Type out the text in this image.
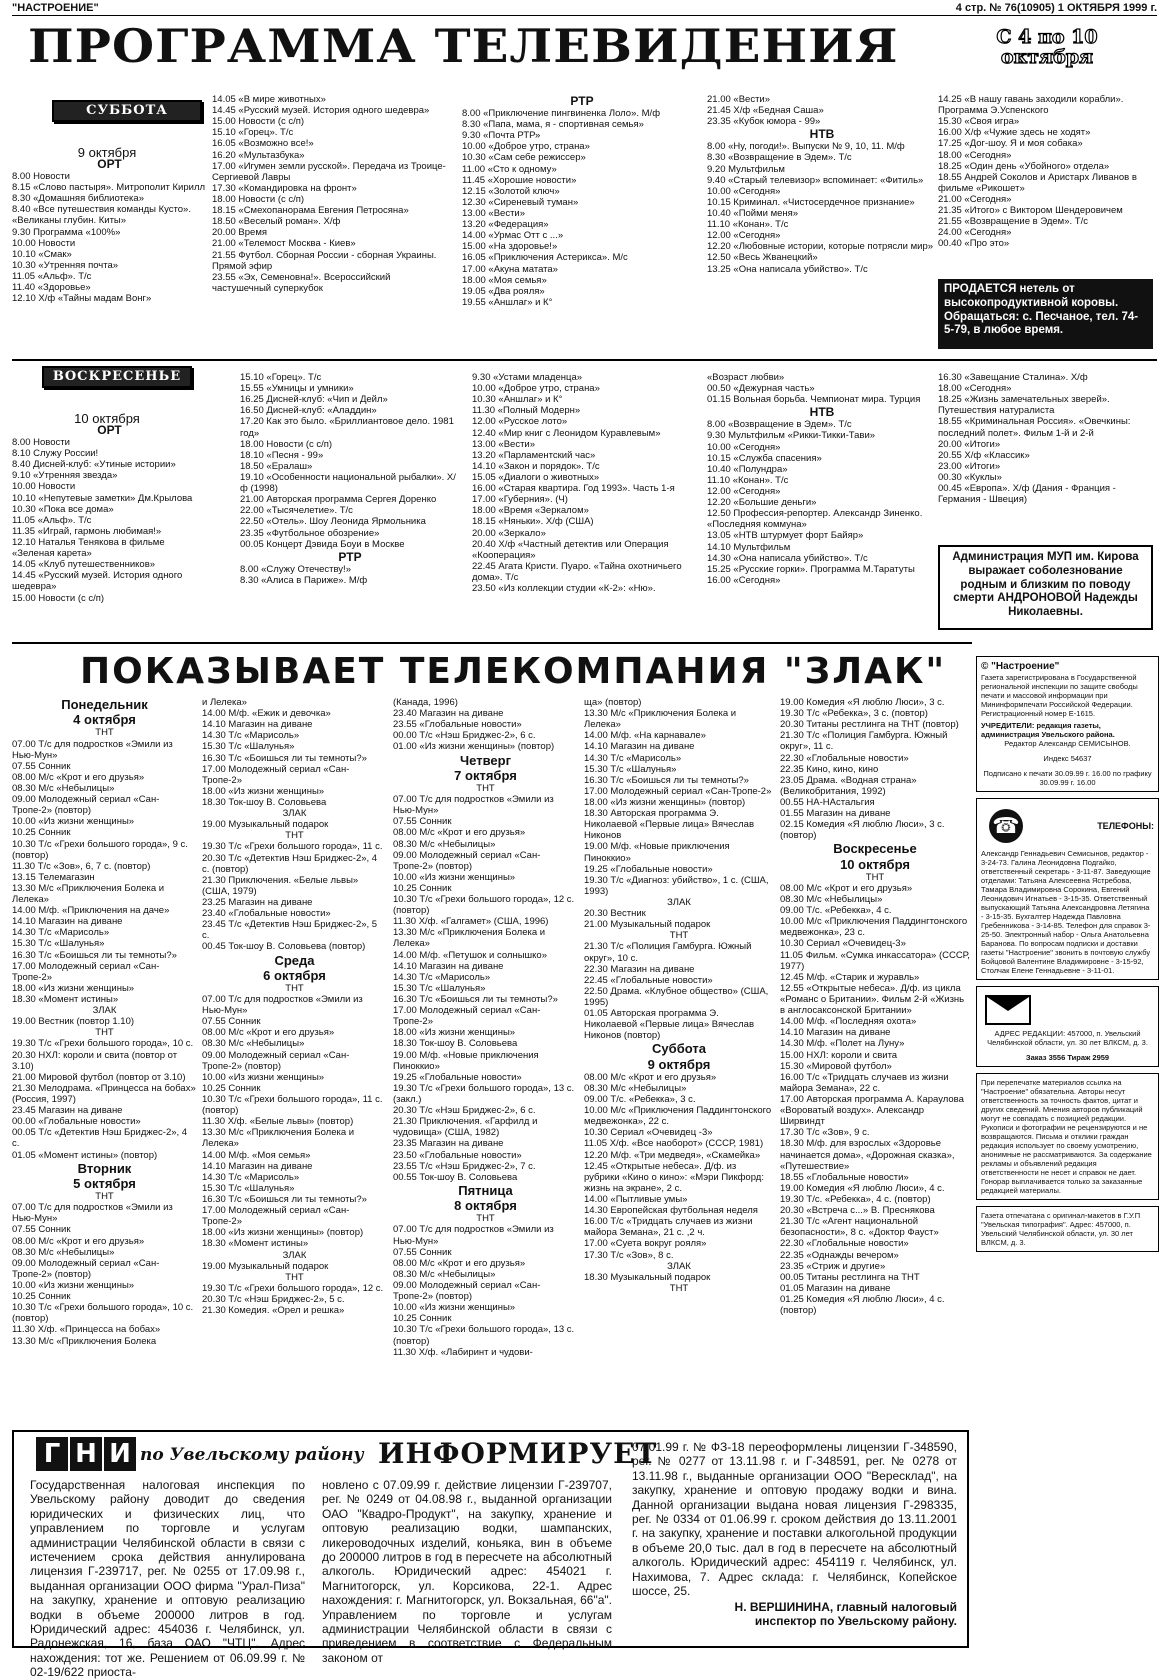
"НАСТРОЕНИЕ"	4 стр. № 76(10905) 1 ОКТЯБРЯ 1999 г.
ПРОГРАММА ТЕЛЕВИДЕНИЯ	С 4 по 10 октября
СУББОТА
9 октября

ОРТ

8.00 Новости

8.15 «Слово пастыря». Митрополит Кирилл

8.30 «Домашняя библиотека»

8.40 «Все путешествия команды Кусто». «Великаны глубин. Киты»

9.30 Программа «100%»

10.00 Новости

10.10 «Смак»

10.30 «Утренняя почта»

11.05 «Альф». Т/с

11.40 «Здоровье»

12.10 Х/ф «Тайны мадам Вонг»

14.05 «В мире животных»

14.45 «Русский музей. История одного шедевра»

15.00 Новости (с с/п)

15.10 «Горец». Т/с

16.05 «Возможно все!»

16.20 «Мультазбука»

17.00 «Игумен земли русской». Передача из Троице-Сергиевой Лавры

17.30 «Командировка на фронт»

18.00 Новости (с с/п)

18.15 «Смехопанорама Евгения Петросяна»

18.50 «Веселый роман». Х/ф

20.00 Время

21.00 «Телемост Москва - Киев»

21.55 Футбол. Сборная России - сборная Украины. Прямой эфир

23.55 «Эх, Семеновна!». Всероссийский частушечный суперкубок

РТР

8.00 «Приключение пингвиненка Лоло». М/ф

8.30 «Папа, мама, я - спортивная семья»

9.30 «Почта РТР»

10.00 «Доброе утро, страна»

10.30 «Сам себе режиссер»

11.00 «Сто к одному»

11.45 «Хорошие новости»

12.15 «Золотой ключ»

12.30 «Сиреневый туман»

13.00 «Вести»

13.20 «Федерация»

14.00 «Урмас Отт с ...»

15.00 «На здоровье!»

16.05 «Приключения Астерикса». М/с

17.00 «Акуна матата»

18.00 «Моя семья»

19.05 «Два рояля»

19.55 «Аншлаг» и К°

21.00 «Вести»

21.45 Х/ф «Бедная Саша»

23.35 «Кубок юмора - 99»

НТВ

8.00 «Ну, погоди!». Выпуски № 9, 10, 11. М/ф

8.30 «Возвращение в Эдем». Т/с

9.20 Мультфильм

9.40 «Старый телевизор» вспоминает: «Фитиль»

10.00 «Сегодня»

10.15 Криминал. «Чистосердечное признание»

10.40 «Пойми меня»

11.10 «Конан». Т/с

12.00 «Сегодня»

12.20 «Любовные истории, которые потрясли мир»

12.50 «Весь Жванецкий»

13.25 «Она написала убийство». Т/с

14.25 «В нашу гавань заходили корабли». Программа Э.Успенского

15.30 «Своя игра»

16.00 Х/ф «Чужие здесь не ходят»

17.25 «Дог-шоу. Я и моя собака»

18.00 «Сегодня»

18.25 «Один день «Убойного» отдела»

18.55 Андрей Соколов и Аристарх Ливанов в фильме «Рикошет»

21.00 «Сегодня»

21.35 «Итого» с Виктором Шендеровичем

21.55 «Возвращение в Эдем». Т/с

24.00 «Сегодня»

00.40 «Про это»

ПРОДАЕТСЯ нетель от высокопродуктивной коровы. Обращаться: с. Песчаное, тел. 74-5-79, в любое время.
ВОСКРЕСЕНЬЕ
10 октября

ОРТ

8.00 Новости

8.10 Служу России!

8.40 Дисней-клуб: «Утиные истории»

9.10 «Утренняя звезда»

10.00 Новости

10.10 «Непутевые заметки» Дм.Крылова

10.30 «Пока все дома»

11.05 «Альф». Т/с

11.35 «Играй, гармонь любимая!»

12.10 Наталья Тенякова в фильме «Зеленая карета»

14.05 «Клуб путешественников»

14.45 «Русский музей. История одного шедевра»

15.00 Новости (с с/п)

15.10 «Горец». Т/с

15.55 «Умницы и умники»

16.25 Дисней-клуб: «Чип и Дейл»

16.50 Дисней-клуб: «Аладдин»

17.20 Как это было. «Бриллиантовое дело. 1981 год»

18.00 Новости (с с/п)

18.10 «Песня - 99»

18.50 «Ералаш»

19.10 «Особенности национальной рыбалки». Х/ф (1998)

21.00 Авторская программа Сергея Доренко

22.00 «Тысячелетие». Т/с

22.50 «Отель». Шоу Леонида Ярмольника

23.35 «Футбольное обозрение»

00.05 Концерт Дэвида Боуи в Москве

РТР

8.00 «Служу Отечеству!»

8.30 «Алиса в Париже». М/ф

9.30 «Устами младенца»

10.00 «Доброе утро, страна»

10.30 «Аншлаг» и К°

11.30 «Полный Модерн»

12.00 «Русское лото»

12.40 «Мир книг с Леонидом Куравлевым»

13.00 «Вести»

13.20 «Парламентский час»

14.10 «Закон и порядок». Т/с

15.05 «Диалоги о животных»

16.00 «Старая квартира. Год 1993». Часть 1-я

17.00 «Губерния». (Ч)

18.00 «Время «Зеркалом»

18.15 «Няньки». Х/ф (США)

20.00 «Зеркало»

20.40 Х/ф «Частный детектив или Операция «Кооперация»

22.45 Агата Кристи. Пуаро. «Тайна охотничьего дома». Т/с

23.50 «Из коллекции студии «К-2»: «Ню».

«Возраст любви»

00.50 «Дежурная часть»

01.15 Вольная борьба. Чемпионат мира. Турция

НТВ

8.00 «Возвращение в Эдем». Т/с

9.30 Мультфильм «Рикки-Тикки-Тави»

10.00 «Сегодня»

10.15 «Служба спасения»

10.40 «Полундра»

11.10 «Конан». Т/с

12.00 «Сегодня»

12.20 «Большие деньги»

12.50 Профессия-репортер. Александр Зиненко. «Последняя коммуна»

13.05 «НТВ штурмует форт Байяр»

14.10 Мультфильм

14.30 «Она написала убийство». Т/с

15.25 «Русские горки». Программа М.Таратуты

16.00 «Сегодня»

16.30 «Завещание Сталина». Х/ф

18.00 «Сегодня»

18.25 «Жизнь замечательных зверей». Путешествия натуралиста

18.55 «Криминальная Россия». «Овечкины: последний полет». Фильм 1-й и 2-й

20.00 «Итоги»

20.55 Х/ф «Классик»

23.00 «Итоги»

00.30 «Куклы»

00.45 «Европа». Х/ф (Дания - Франция - Германия - Швеция)

Администрация МУП им. Кирова выражает соболезнование родным и близким по поводу смерти АНДРОНОВОЙ Надежды Николаевны.
ПОКАЗЫВАЕТ ТЕЛЕКОМПАНИЯ "ЗЛАК"

Понедельник

4 октября

ТНТ

07.00 Т/с для подростков «Эмили из Нью-Мун»

07.55 Сонник

08.00 М/с «Крот и его друзья»

08.30 М/с «Небылицы»

09.00 Молодежный сериал «Сан-Тропе-2» (повтор)

10.00 «Из жизни женщины»

10.25 Сонник

10.30 Т/с «Грехи большого города», 9 с. (повтор)

11.30 Т/с «Зов», 6, 7 с. (повтор)

13.15 Телемагазин

13.30 М/с «Приключения Болека и Лелека»

14.00 М/ф. «Приключения на даче»

14.10 Магазин на диване

14.30 Т/с «Марисоль»

15.30 Т/с «Шалунья»

16.30 Т/с «Боишься ли ты темноты?»

17.00 Молодежный сериал «Сан-Тропе-2»

18.00 «Из жизни женщины»

18.30 «Момент истины»

ЗЛАК

19.00 Вестник (повтор 1.10)

ТНТ

19.30 Т/с «Грехи большого города», 10 с.

20.30 НХЛ: короли и свита (повтор от 3.10)

21.00 Мировой футбол (повтор от 3.10)

21.30 Мелодрама. «Принцесса на бобах» (Россия, 1997)

23.45 Магазин на диване

00.00 «Глобальные новости»

00.05 Т/с «Детектив Нэш Бриджес-2», 4 с.

01.05 «Момент истины» (повтор)

Вторник

5 октября

ТНТ

07.00 Т/с для подростков «Эмили из Нью-Мун»

07.55 Сонник

08.00 М/с «Крот и его друзья»

08.30 М/с «Небылицы»

09.00 Молодежный сериал «Сан-Тропе-2» (повтор)

10.00 «Из жизни женщины»

10.25 Сонник

10.30 Т/с «Грехи большого города», 10 с. (повтор)

11.30 Х/ф. «Принцесса на бобах»

13.30 М/с «Приключения Болека

и Лелека»

14.00 М/ф. «Ежик и девочка»

14.10 Магазин на диване

14.30 Т/с «Марисоль»

15.30 Т/с «Шалунья»

16.30 Т/с «Боишься ли ты темноты?»

17.00 Молодежный сериал «Сан-Тропе-2»

18.00 «Из жизни женщины»

18.30 Ток-шоу В. Соловьева

ЗЛАК

19.00 Музыкальный подарок

ТНТ

19.30 Т/с «Грехи большого города», 11 с.

20.30 Т/с «Детектив Нэш Бриджес-2», 4 с. (повтор)

21.30 Приключения. «Белые львы» (США, 1979)

23.25 Магазин на диване

23.40 «Глобальные новости»

23.45 Т/с «Детектив Нэш Бриджес-2», 5 с.

00.45 Ток-шоу В. Соловьева (повтор)

Среда

6 октября

ТНТ

07.00 Т/с для подростков «Эмили из Нью-Мун»

07.55 Сонник

08.00 М/с «Крот и его друзья»

08.30 М/с «Небылицы»

09.00 Молодежный сериал «Сан-Тропе-2» (повтор)

10.00 «Из жизни женщины»

10.25 Сонник

10.30 Т/с «Грехи большого города», 11 с. (повтор)

11.30 Х/ф. «Белые львы» (повтор)

13.30 М/с «Приключения Болека и Лелека»

14.00 М/ф. «Моя семья»

14.10 Магазин на диване

14.30 Т/с «Марисоль»

15.30 Т/с «Шалунья»

16.30 Т/с «Боишься ли ты темноты?»

17.00 Молодежный сериал «Сан-Тропе-2»

18.00 «Из жизни женщины» (повтор)

18.30 «Момент истины»

ЗЛАК

19.00 Музыкальный подарок

ТНТ

19.30 Т/с «Грехи большого города», 12 с.

20.30 Т/с «Нэш Бриджес-2», 5 с.

21.30 Комедия. «Орел и решка»

(Канада, 1996)

23.40 Магазин на диване

23.55 «Глобальные новости»

00.00 Т/с «Нэш Бриджес-2», 6 с.

01.00 «Из жизни женщины» (повтор)

Четверг

7 октября

ТНТ

07.00 Т/с для подростков «Эмили из Нью-Мун»

07.55 Сонник

08.00 М/с «Крот и его друзья»

08.30 М/с «Небылицы»

09.00 Молодежный сериал «Сан-Тропе-2» (повтор)

10.00 «Из жизни женщины»

10.25 Сонник

10.30 Т/с «Грехи большого города», 12 с. (повтор)

11.30 Х/ф. «Галгамет» (США, 1996)

13.30 М/с «Приключения Болека и Лелека»

14.00 М/ф. «Петушок и солнышко»

14.10 Магазин на диване

14.30 Т/с «Марисоль»

15.30 Т/с «Шалунья»

16.30 Т/с «Боишься ли ты темноты?»

17.00 Молодежный сериал «Сан-Тропе-2»

18.00 «Из жизни женщины»

18.30 Ток-шоу В. Соловьева

19.00 М/ф. «Новые приключения Пиноккио»

19.25 «Глобальные новости»

19.30 Т/с «Грехи большого города», 13 с. (закл.)

20.30 Т/с «Нэш Бриджес-2», 6 с.

21.30 Приключения. «Гарфилд и чудовища» (США, 1982)

23.35 Магазин на диване

23.50 «Глобальные новости»

23.55 Т/с «Нэш Бриджес-2», 7 с.

00.55 Ток-шоу В. Соловьева

Пятница

8 октября

ТНТ

07.00 Т/с для подростков «Эмили из Нью-Мун»

07.55 Сонник

08.00 М/с «Крот и его друзья»

08.30 М/с «Небылицы»

09.00 Молодежный сериал «Сан-Тропе-2» (повтор)

10.00 «Из жизни женщины»

10.25 Сонник

10.30 Т/с «Грехи большого города», 13 с. (повтор)

11.30 Х/ф. «Лабиринт и чудови-

ща» (повтор)

13.30 М/с «Приключения Болека и Лелека»

14.00 М/ф. «На карнавале»

14.10 Магазин на диване

14.30 Т/с «Марисоль»

15.30 Т/с «Шалунья»

16.30 Т/с «Боишься ли ты темноты?»

17.00 Молодежный сериал «Сан-Тропе-2»

18.00 «Из жизни женщины» (повтор)

18.30 Авторская программа Э. Николаевой «Первые лица» Вячеслав Никонов

19.00 М/ф. «Новые приключения Пиноккио»

19.25 «Глобальные новости»

19.30 Т/с «Диагноз: убийство», 1 с. (США, 1993)

ЗЛАК

20.30 Вестник

21.00 Музыкальный подарок

ТНТ

21.30 Т/с «Полиция Гамбурга. Южный округ», 10 с.

22.30 Магазин на диване

22.45 «Глобальные новости»

22.50 Драма. «Клубное общество» (США, 1995)

01.05 Авторская программа Э. Николаевой «Первые лица» Вячеслав Никонов (повтор)

Суббота

9 октября

08.00 М/с «Крот и его друзья»

08.30 М/с «Небылицы»

09.00 Т/с. «Ребекка», 3 с.

10.00 М/с «Приключения Паддингтонского медвежонка», 22 с.

10.30 Сериал «Очевидец -3»

11.05 Х/ф. «Все наоборот» (СССР, 1981)

12.20 М/ф. «Три медведя», «Скамейка»

12.45 «Открытые небеса». Д/ф. из рубрики «Кино о кино»: «Мэри Пикфорд: жизнь на экране», 2 с.

14.00 «Пытливые умы»

14.30 Европейская футбольная неделя

16.00 Т/с «Тридцать случаев из жизни майора Земана», 21 с. ,2 ч.

17.00 «Суета вокруг рояля»

17.30 Т/с «Зов», 8 с.

ЗЛАК

18.30 Музыкальный подарок

ТНТ

19.00 Комедия «Я люблю Люси», 3 с.

19.30 Т/с «Ребекка», 3 с. (повтор)

20.30 Титаны рестлинга на ТНТ (повтор)

21.30 Т/с «Полиция Гамбурга. Южный округ», 11 с.

22.30 «Глобальные новости»

22.35 Кино, кино, кино

23.05 Драма. «Водная страна» (Великобритания, 1992)

00.55 НА-НАстальгия

01.55 Магазин на диване

02.15 Комедия «Я люблю Люси», 3 с. (повтор)

Воскресенье

10 октября

ТНТ

08.00 М/с «Крот и его друзья»

08.30 М/с «Небылицы»

09.00 Т/с. «Ребекка», 4 с.

10.00 М/с «Приключения Паддингтонского медвежонка», 23 с.

10.30 Сериал «Очевидец-3»

11.05 Фильм. «Сумка инкассатора» (СССР, 1977)

12.45 М/ф. «Старик и журавль»

12.55 «Открытые небеса». Д/ф. из цикла «Романс о Британии». Фильм 2-й «Жизнь в англосаксонской Британии»

14.00 М/ф. «Последняя охота»

14.10 Магазин на диване

14.30 М/ф. «Полет на Луну»

15.00 НХЛ: короли и свита

15.30 «Мировой футбол»

16.00 Т/с «Тридцать случаев из жизни майора Земана», 22 с.

17.00 Авторская программа А. Караулова «Вороватый воздух». Александр Ширвиндт

17.30 Т/с «Зов», 9 с.

18.30 М/ф. для взрослых «Здоровье начинается дома», «Дорожная сказка», «Путешествие»

18.55 «Глобальные новости»

19.00 Комедия «Я люблю Люси», 4 с.

19.30 Т/с. «Ребекка», 4 с. (повтор)

20.30 «Встреча с...» В. Преснякова

21.30 Т/с «Агент национальной безопасности», 8 с. «Доктор Фауст»

22.30 «Глобальные новости»

22.35 «Однажды вечером»

23.35 «Стриж и другие»

00.05 Титаны рестлинга на ТНТ

01.05 Магазин на диване

01.25 Комедия «Я люблю Люси», 4 с. (повтор)

© "Настроение"

Газета зарегистрирована в Государственной региональной инспекции по защите свободы печати и массовой информации при Мининформпечати Российской Федерации. Регистрационный номер Е-1615.

УЧРЕДИТЕЛИ: редакция газеты, администрация Увельского района.

Редактор Александр СЕМИСЫНОВ.

Индекс 54637

Подписано к печати 30.09.99 г. 16.00 по графику 30.09.99 г. 16.00

☎	ТЕЛЕФОНЫ:

Александр Геннадьевич Семисынов, редактор - 3-24-73. Галина Леонидовна Подгайко, ответственный секретарь - 3-11-87. Заведующие отделами: Татьяна Алексеевна Ястребова, Тамара Владимировна Сорокина, Евгений Леонидович Игнатьев - 3-15-35. Ответственный выпускающий Татьяна Александровна Летягина - 3-15-35. Бухгалтер Надежда Павловна Гребенникова - 3-14-85. Телефон для справок 3-25-50. Электронный набор - Ольга Анатольевна Баранова. По вопросам подписки и доставки газеты "Настроение" звонить в почтовую службу Бойцовой Валентине Владимировне - 3-15-92, Столчак Елене Геннадьевне - 3-11-01.

АДРЕС РЕДАКЦИИ: 457000, п. Увельский Челябинской области, ул. 30 лет ВЛКСМ, д. 3.

Заказ 3556 Тираж 2959

При перепечатке материалов ссылка на "Настроение" обязательна. Авторы несут ответственность за точность фактов, цитат и других сведений. Мнения авторов публикаций могут не совпадать с позицией редакции. Рукописи и фотографии не рецензируются и не возвращаются. Письма и отклики граждан редакция использует по своему усмотрению, анонимные не рассматриваются. За содержание рекламы и объявлений редакция ответственности не несет и справок не дает. Гонорар выплачивается только за заказанные редакцией материалы.

Газета отпечатана с оригинал-макетов в Г.У.П "Увельская типография". Адрес: 457000, п. Увельский Челябинской области, ул. 30 лет ВЛКСМ, д. 3.

Г Н И по Увельскому району ИНФОРМИРУЕТ
Государственная налоговая инспекция по Увельскому району доводит до сведения юридических и физических лиц, что управлением по торговле и услугам администрации Челябинской области в связи с истечением срока действия аннулирована лицензия Г-239717, рег. № 0255 от 17.09.98 г., выданная организации ООО фирма "Урал-Пиза" на закупку, хранение и оптовую реализацию водки в объеме 200000 литров в год. Юридический адрес: 454036 г. Челябинск, ул. Радонежская, 16, база ОАО "ЧТЦ". Адрес нахождения: тот же. Решением от 06.09.99 г. № 02-19/622 приоста-
новлено с 07.09.99 г. действие лицензии Г-239707, рег. № 0249 от 04.08.98 г., выданной организации ОАО "Квадро-Продукт", на закупку, хранение и оптовую реализацию водки, шампанских, ликероводочных изделий, коньяка, вин в объеме до 200000 литров в год в пересчете на абсолютный алкоголь. Юридический адрес: 454021 г. Магнитогорск, ул. Корсикова, 22-1. Адрес нахождения: г. Магнитогорск, ул. Вокзальная, 66"а". Управлением по торговле и услугам администрации Челябинской области в связи с приведением в соответствие с Федеральным законом от
07.01.99 г. № ФЗ-18 переоформлены лицензии Г-348590, рег. № 0277 от 13.11.98 г. и Г-348591, рег. № 0278 от 13.11.98 г., выданные организации ООО "Вересклад", на закупку, хранение и оптовую продажу водки и вина. Данной организации выдана новая лицензия Г-298335, рег. № 0334 от 01.06.99 г. сроком действия до 13.11.2001 г. на закупку, хранение и поставки алкогольной продукции в объеме 20,0 тыс. дал в год в пересчете на абсолютный алкоголь. Юридический адрес: 454119 г. Челябинск, ул. Нахимова, 7. Адрес склада: г. Челябинск, Копейское шоссе, 25.
Н. ВЕРШИНИНА, главный налоговый инспектор по Увельскому району.
